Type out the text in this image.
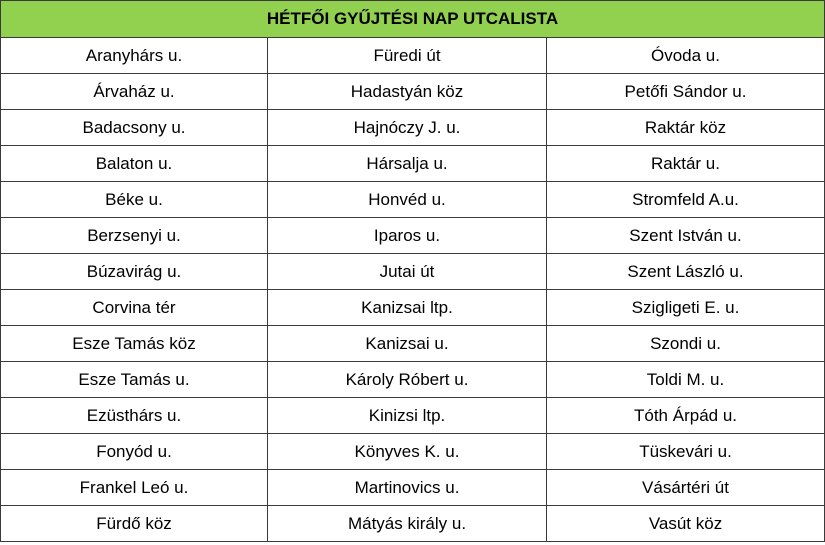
HÉTFŐI GYŰJTÉSI NAP UTCALISTA		
Aranyhárs u.	Füredi út	Óvoda u.
Árvaház u.	Hadastyán köz	Petőfi Sándor u.
Badacsony u.	Hajnóczy J. u.	Raktár köz
Balaton u.	Hársalja u.	Raktár u.
Béke u.	Honvéd u.	Stromfeld A.u.
Berzsenyi u.	Iparos u.	Szent István u.
Búzavirág u.	Jutai út	Szent László u.
Corvina tér	Kanizsai ltp.	Szigligeti E. u.
Esze Tamás köz	Kanizsai u.	Szondi u.
Esze Tamás u.	Károly Róbert u.	Toldi M. u.
Ezüsthárs u.	Kinizsi ltp.	Tóth Árpád u.
Fonyód u.	Könyves K. u.	Tüskevári u.
Frankel Leó u.	Martinovics u.	Vásártéri út
Fürdő köz	Mátyás király u.	Vasút köz
